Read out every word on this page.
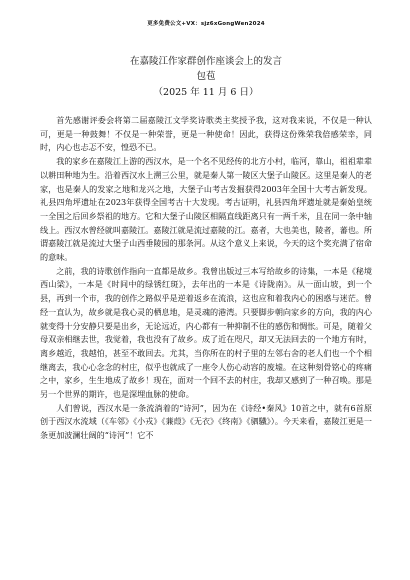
更多免费公文+VX：sjz6xGongWen2024
在嘉陵江作家群创作座谈会上的发言
包苞
（2025 年 11 月 6 日）

首先感谢评委会将第二届嘉陵江文学奖诗歌类主奖授予我，这对我来说，不仅是一种认可，更是一种鼓舞！不仅是一种荣誉，更是一种使命！因此，获得这份殊荣我倍感荣幸，同时，内心也忐忑不安，惶恐不已。

我的家乡在嘉陵江上游的西汉水，是一个名不见经传的北方小村，临河，靠山，祖祖辈辈以耕田种地为生。沿着西汉水上溯三公里，就是秦人第一陵区大堡子山陵区。这里是秦人的老家，也是秦人的发家之地和龙兴之地，大堡子山考古发掘获得2003年全国十大考古新发现。礼县四角坪遗址在2023年获得全国考古十大发现。考古证明，礼县四角坪遗址就是秦始皇统一全国之后回乡祭祖的地方。它和大堡子山陵区相隔直线距离只有一两千米，且在同一条中轴线上。西汉水曾经就叫嘉陵江。嘉陵江就是流过嘉陵的江。嘉者，大也美也，陵者，蕃也。所谓嘉陵江就是流过大堡子山西垂陵园的那条河。从这个意义上来说，今天的这个奖充满了宿命的意味。

之前，我的诗歌创作指向一直都是故乡。我曾出版过三本写给故乡的诗集，一本是《秘境西山梁》，一本是《时间中的绿锈红斑》，去年出的一本是《诗陇南》。从一面山坡，到一个县，再到一个市，我的创作之路似乎是逆着返乡在流浪，这也应和着我内心的困惑与迷茫。曾经一直认为，故乡就是我心灵的栖息地，是灵魂的港湾。只要脚步朝向家乡的方向，我的内心就变得十分安静只要是出乡，无论远近，内心都有一种抑制不住的感伤和惆怅。可是，随着父母双亲相继去世，我觉着，我也没有了故乡。成了近在咫尺，却又无法回去的一个地方有时，离乡越近，我越怕，甚至不敢回去。尤其，当你所在的村子里的左邻右舍的老人们也一个个相继离去，我心心念念的村庄，似乎也就成了一座令人伤心动容的废墟。在这种刻骨铭心的疼痛之中，家乡，生生地成了故乡！现在，面对一个回不去的村庄，我却又感到了一种召唤。那是另一个世界的期许，也是深埋血脉的使命。

人们曾说，西汉水是一条流淌着的“诗河”，因为在《诗经•秦风》10首之中，就有6首原创于西汉水流域（《车邻》《小戎》《蒹葭》《无衣》《终南》《驷驖》）。今天来看，嘉陵江更是一条更加波澜壮阔的“诗河”！它不
